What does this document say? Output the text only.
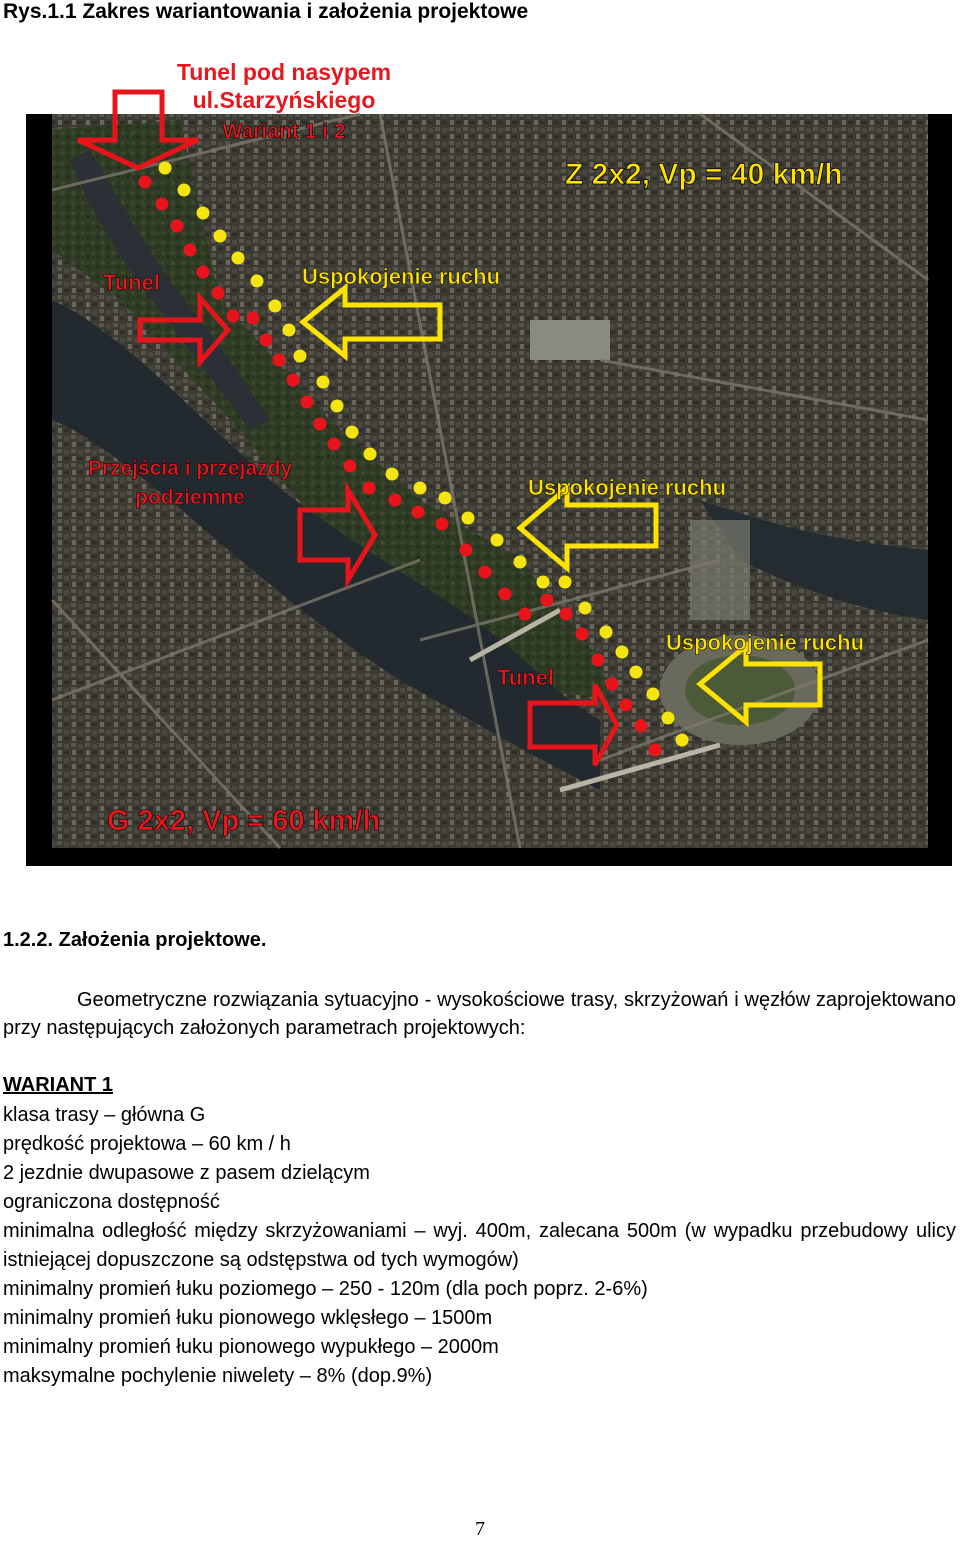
Rys.1.1 Zakres wariantowania i założenia projektowe
Tunel pod nasypem
ul.Starzyńskiego
Wariant 1 i 2
Z 2x2, Vp = 40 km/h
Tunel	Uspokojenie ruchu
Przejścia i przejazdy
podziemne	Uspokojenie ruchu
Uspokojenie ruchu
Tunel
G 2x2, Vp = 60 km/h
1.2.2. Założenia projektowe.
Geometryczne rozwiązania sytuacyjno - wysokościowe trasy, skrzyżowań i węzłów zaprojektowano przy następujących założonych parametrach projektowych:
WARIANT 1
klasa trasy – główna G
prędkość projektowa – 60 km / h
2 jezdnie dwupasowe z pasem dzielącym
ograniczona dostępność
minimalna odległość między skrzyżowaniami – wyj. 400m, zalecana 500m (w wypadku przebudowy ulicy istniejącej dopuszczone są odstępstwa od tych wymogów)
minimalny promień łuku poziomego – 250 - 120m (dla poch poprz. 2-6%)
minimalny promień łuku pionowego wklęsłego – 1500m
minimalny promień łuku pionowego wypukłego – 2000m
maksymalne pochylenie niwelety – 8% (dop.9%)
7
